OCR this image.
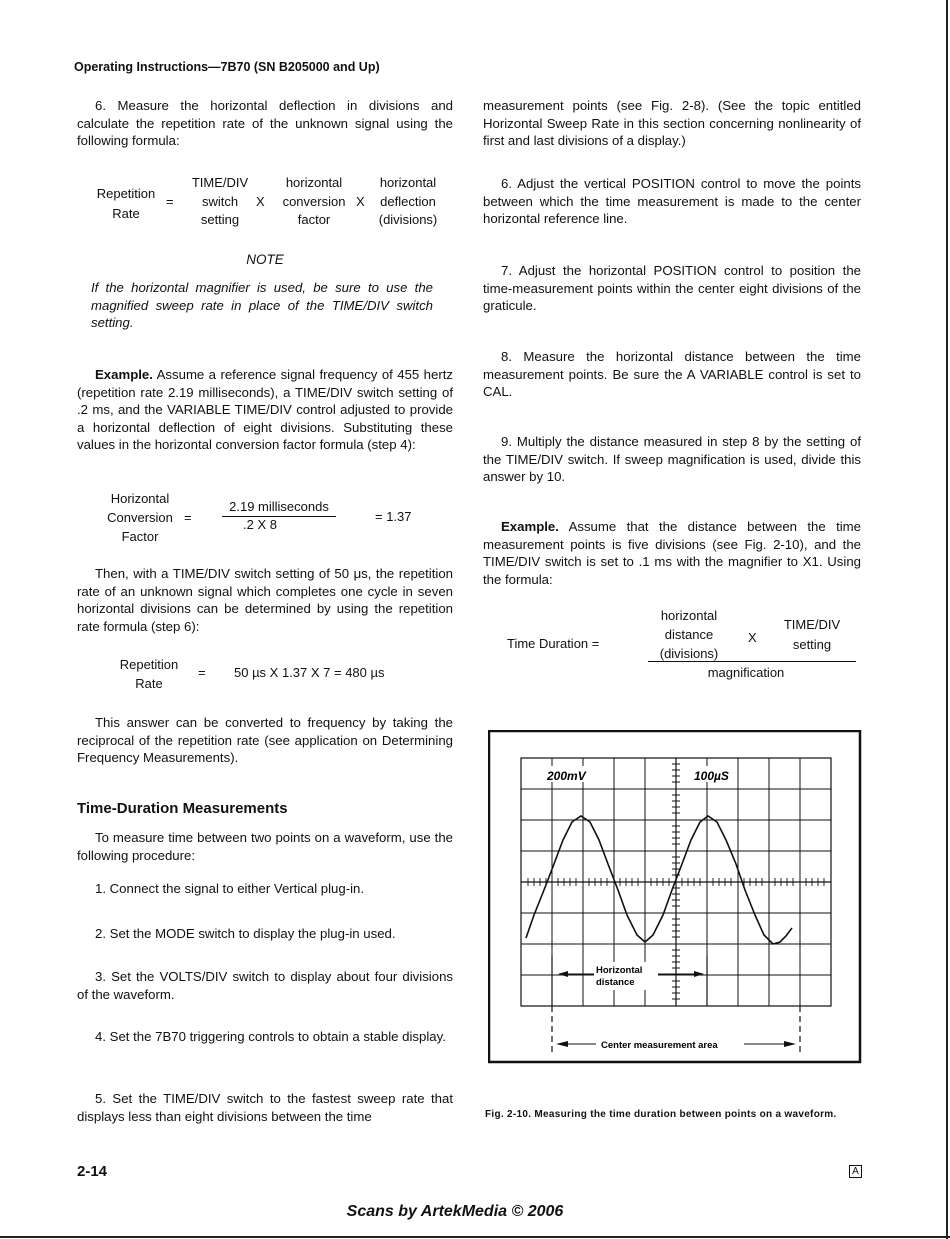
Operating Instructions—7B70 (SN B205000 and Up)

6. Measure the horizontal deflection in divisions and calculate the repetition rate of the unknown signal using the following formula:

Repetition
Rate
=
TIME/DIV
switch
setting
X
horizontal
conversion
factor
X
horizontal
deflection
(divisions)
NOTE

If the horizontal magnifier is used, be sure to use the magnified sweep rate in place of the TIME/DIV switch setting.

Example. Assume a reference signal frequency of 455 hertz (repetition rate 2.19 milliseconds), a TIME/DIV switch setting of .2 ms, and the VARIABLE TIME/DIV control adjusted to provide a horizontal deflection of eight divisions. Substituting these values in the horizontal conversion factor formula (step 4):

Horizontal
Conversion
Factor
=
2.19 milliseconds
.2 X 8
= 1.37

Then, with a TIME/DIV switch setting of 50 μs, the repetition rate of an unknown signal which completes one cycle in seven horizontal divisions can be determined by using the repetition rate formula (step 6):

Repetition
Rate
= 50 µs X 1.37 X 7 = 480 µs

This answer can be converted to frequency by taking the reciprocal of the repetition rate (see application on Determining Frequency Measurements).

Time-Duration Measurements

To measure time between two points on a waveform, use the following procedure:

1. Connect the signal to either Vertical plug-in.

2. Set the MODE switch to display the plug-in used.

3. Set the VOLTS/DIV switch to display about four divisions of the waveform.

4. Set the 7B70 triggering controls to obtain a stable display.

5. Set the TIME/DIV switch to the fastest sweep rate that displays less than eight divisions between the time

measurement points (see Fig. 2-8). (See the topic entitled Horizontal Sweep Rate in this section concerning nonlinearity of first and last divisions of a display.)

6. Adjust the vertical POSITION control to move the points between which the time measurement is made to the center horizontal reference line.

7. Adjust the horizontal POSITION control to position the time-measurement points within the center eight divisions of the graticule.

8. Measure the horizontal distance between the time measurement points. Be sure the A VARIABLE control is set to CAL.

9. Multiply the distance measured in step 8 by the setting of the TIME/DIV switch. If sweep magnification is used, divide this answer by 10.

Example. Assume that the distance between the time measurement points is five divisions (see Fig. 2-10), and the TIME/DIV switch is set to .1 ms with the magnifier to X1. Using the formula:

Time Duration =
horizontal
distance
(divisions)
X
TIME/DIV
setting
magnification
200mV	100µS
Horizontal
distance
Center measurement area

Fig. 2-10. Measuring the time duration between points on a waveform.

2-14	A
Scans by ArtekMedia © 2006
